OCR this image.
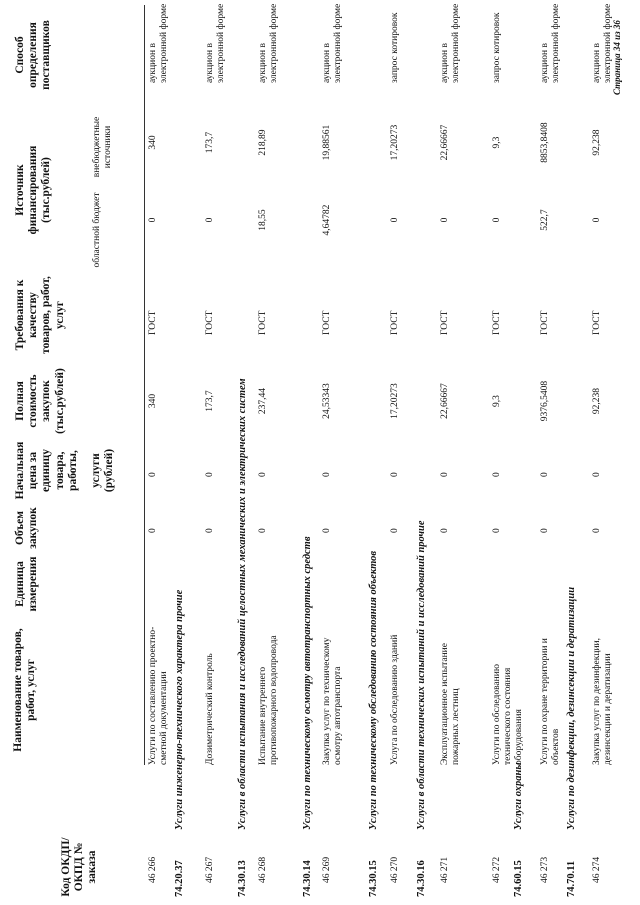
Код ОКДП/ ОКПД № заказа
Наименование товаров, работ, услуг
Единица измерения
Объем закупок
Начальная цена за единицу товара, работы, услуги (рублей)
Полная стоимость закупок (тыс.рублей)
Требования к качеству товаров, работ, услуг
Источник финансирования (тыс.рублей)
областной бюджет
внебюджетные источники
Способ определения поставщиков
46 266
Услуги по составлению проектно-сметной документации
0
0
340
ГОСТ
0
340
аукцион в электронной форме
74.20.37
Услуги инженерно-технического характера прочие
46 267
Дозиметрический контроль
0
0
173,7
ГОСТ
0
173,7
аукцион в электронной форме
74.30.13
Услуги в области испытания и исследований целостных механических и электрических систем
46 268
Испытание внутреннего противопожарного водопровода
0
0
237,44
ГОСТ
18,55
218,89
аукцион в электронной форме
74.30.14
Услуги по техническому осмотру автотранспортных средств
46 269
Закупка услуг по техническому осмотру автотранспорта
0
0
24,53343
ГОСТ
4,64782
19,88561
аукцион в электронной форме
74.30.15
Услуги по техническому обследованию состояния объектов
46 270
Услуга по обследованию зданий
0
0
17,20273
ГОСТ
0
17,20273
запрос котировок
74.30.16
Услуги в области технических испытаний и исследований прочие
46 271
Эксплуатационное испытание пожарных лестниц
0
0
22,66667
ГОСТ
0
22,66667
аукцион в электронной форме
46 272
Услуги по обследованию технического состояния оборудования
0
0
9,3
ГОСТ
0
9,3
запрос котировок
74.60.15
Услуги охраны
46 273
Услуги по охране территории и объектов
0
0
9376,5408
ГОСТ
522,7
8853,8408
аукцион в электронной форме
74.70.11
Услуги по дезинфекции, дезинсекции и дератизации
46 274
Закупка услуг по дезинфекции, дезинсекции и дератизации
0
0
92,238
ГОСТ
0
92,238
аукцион в электронной форме Страница 34 из 36
